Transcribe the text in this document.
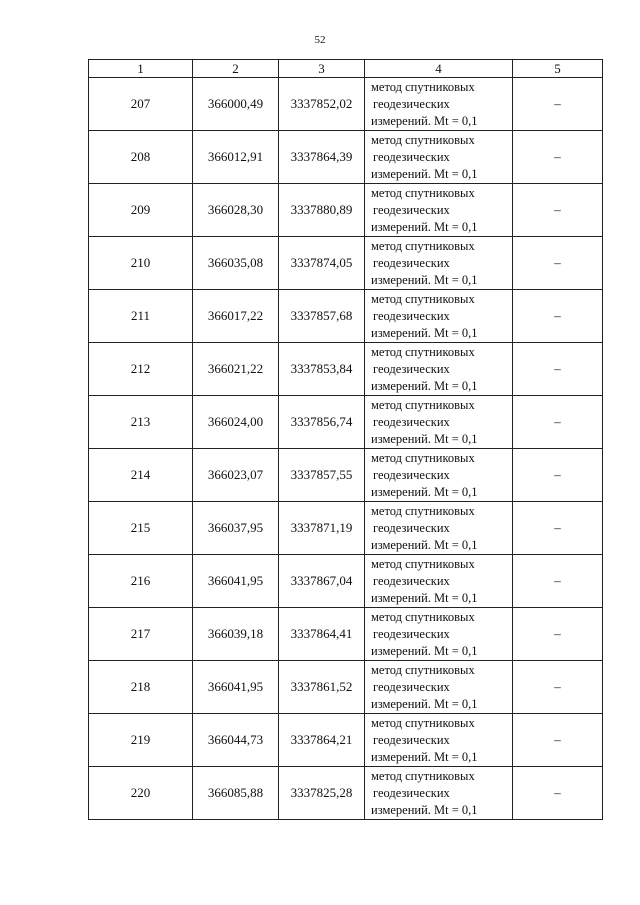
52
1	2	3	4	5
207	366000,49	3337852,02	метод спутниковых
геодезических
измерений. Mt = 0,1	–
208	366012,91	3337864,39	метод спутниковых
геодезических
измерений. Mt = 0,1	–
209	366028,30	3337880,89	метод спутниковых
геодезических
измерений. Mt = 0,1	–
210	366035,08	3337874,05	метод спутниковых
геодезических
измерений. Mt = 0,1	–
211	366017,22	3337857,68	метод спутниковых
геодезических
измерений. Mt = 0,1	–
212	366021,22	3337853,84	метод спутниковых
геодезических
измерений. Mt = 0,1	–
213	366024,00	3337856,74	метод спутниковых
геодезических
измерений. Mt = 0,1	–
214	366023,07	3337857,55	метод спутниковых
геодезических
измерений. Mt = 0,1	–
215	366037,95	3337871,19	метод спутниковых
геодезических
измерений. Mt = 0,1	–
216	366041,95	3337867,04	метод спутниковых
геодезических
измерений. Mt = 0,1	–
217	366039,18	3337864,41	метод спутниковых
геодезических
измерений. Mt = 0,1	–
218	366041,95	3337861,52	метод спутниковых
геодезических
измерений. Mt = 0,1	–
219	366044,73	3337864,21	метод спутниковых
геодезических
измерений. Mt = 0,1	–
220	366085,88	3337825,28	метод спутниковых
геодезических
измерений. Mt = 0,1	–
